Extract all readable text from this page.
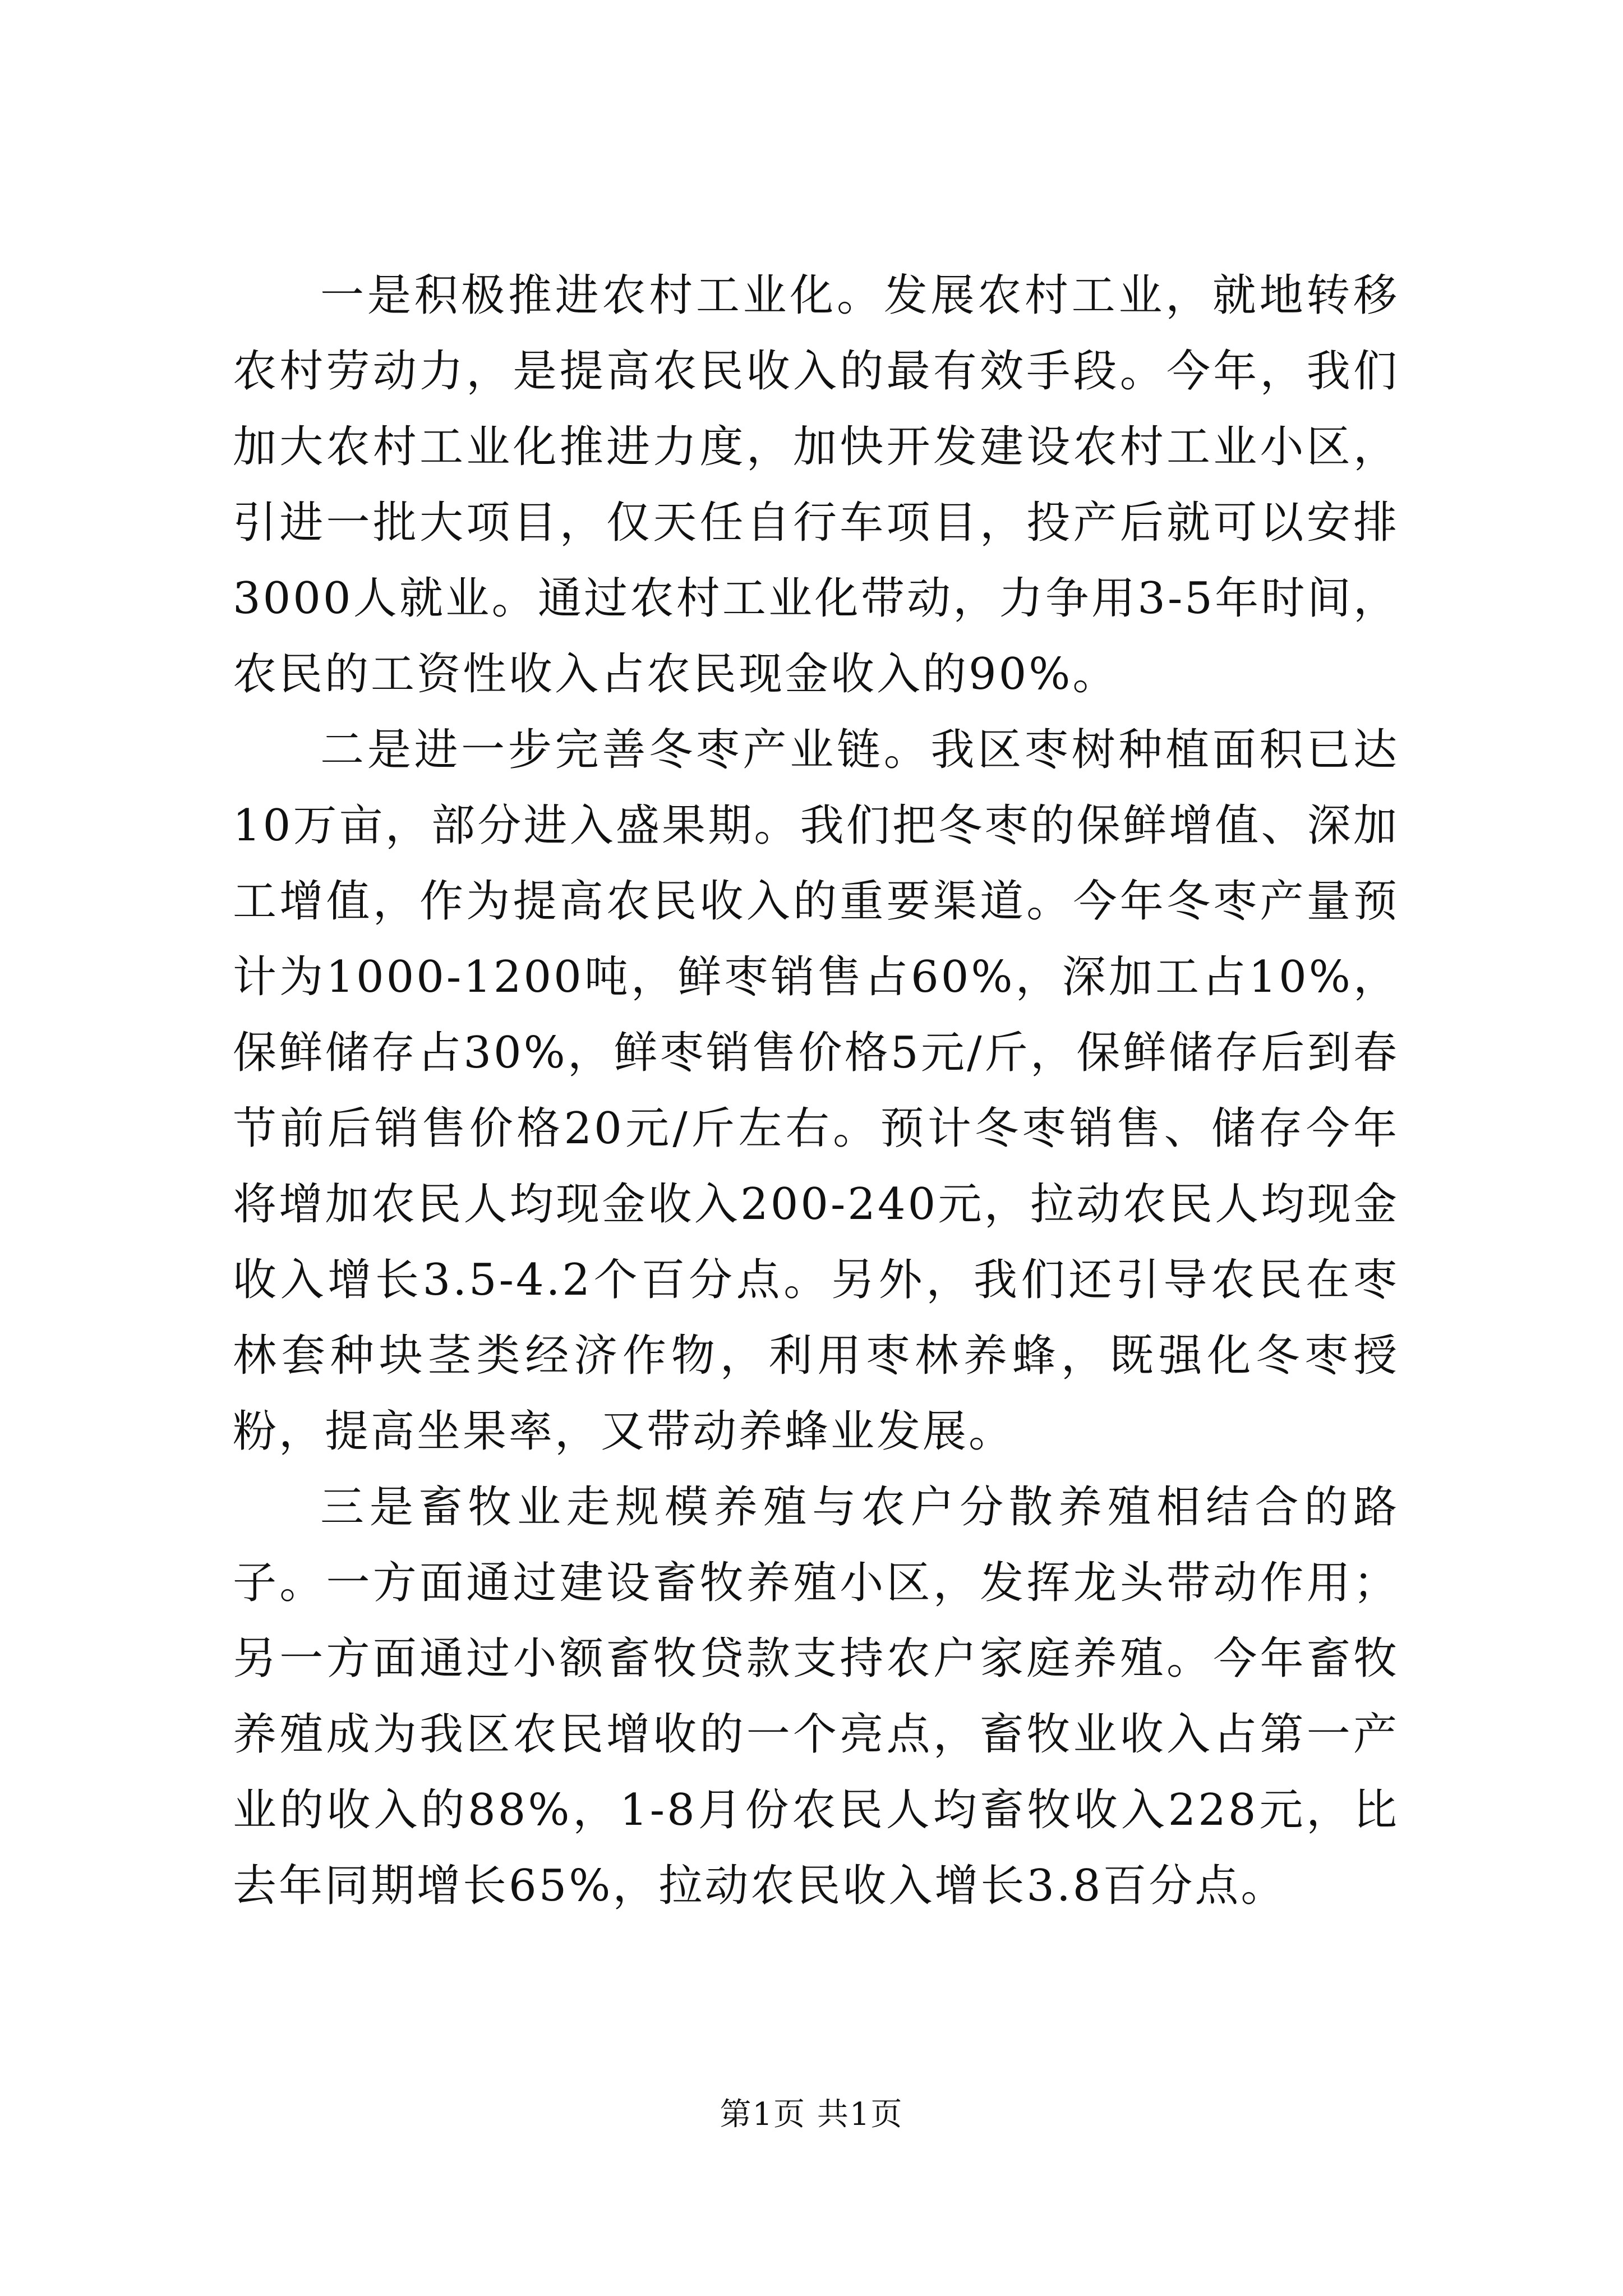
一是积极推进农村工业化。发展农村工业，就地转移农村劳动力，是提高农民收入的最有效手段。今年，我们加大农村工业化推进力度，加快开发建设农村工业小区，引进一批大项目，仅天任自行车项目，投产后就可以安排3000人就业。通过农村工业化带动，力争用3-5年时间，农民的工资性收入占农民现金收入的90%。

二是进一步完善冬枣产业链。我区枣树种植面积已达10万亩，部分进入盛果期。我们把冬枣的保鲜增值、深加工增值，作为提高农民收入的重要渠道。今年冬枣产量预计为1000-1200吨，鲜枣销售占60%，深加工占10%，保鲜储存占30%，鲜枣销售价格5元/斤，保鲜储存后到春节前后销售价格20元/斤左右。预计冬枣销售、储存今年将增加农民人均现金收入200-240元，拉动农民人均现金收入增长3.5-4.2个百分点。另外，我们还引导农民在枣林套种块茎类经济作物，利用枣林养蜂，既强化冬枣授粉，提高坐果率，又带动养蜂业发展。

三是畜牧业走规模养殖与农户分散养殖相结合的路子。一方面通过建设畜牧养殖小区，发挥龙头带动作用；另一方面通过小额畜牧贷款支持农户家庭养殖。今年畜牧养殖成为我区农民增收的一个亮点，畜牧业收入占第一产业的收入的88%，1-8月份农民人均畜牧收入228元，比去年同期增长65%，拉动农民收入增长3.8百分点。

第1页 共1页
